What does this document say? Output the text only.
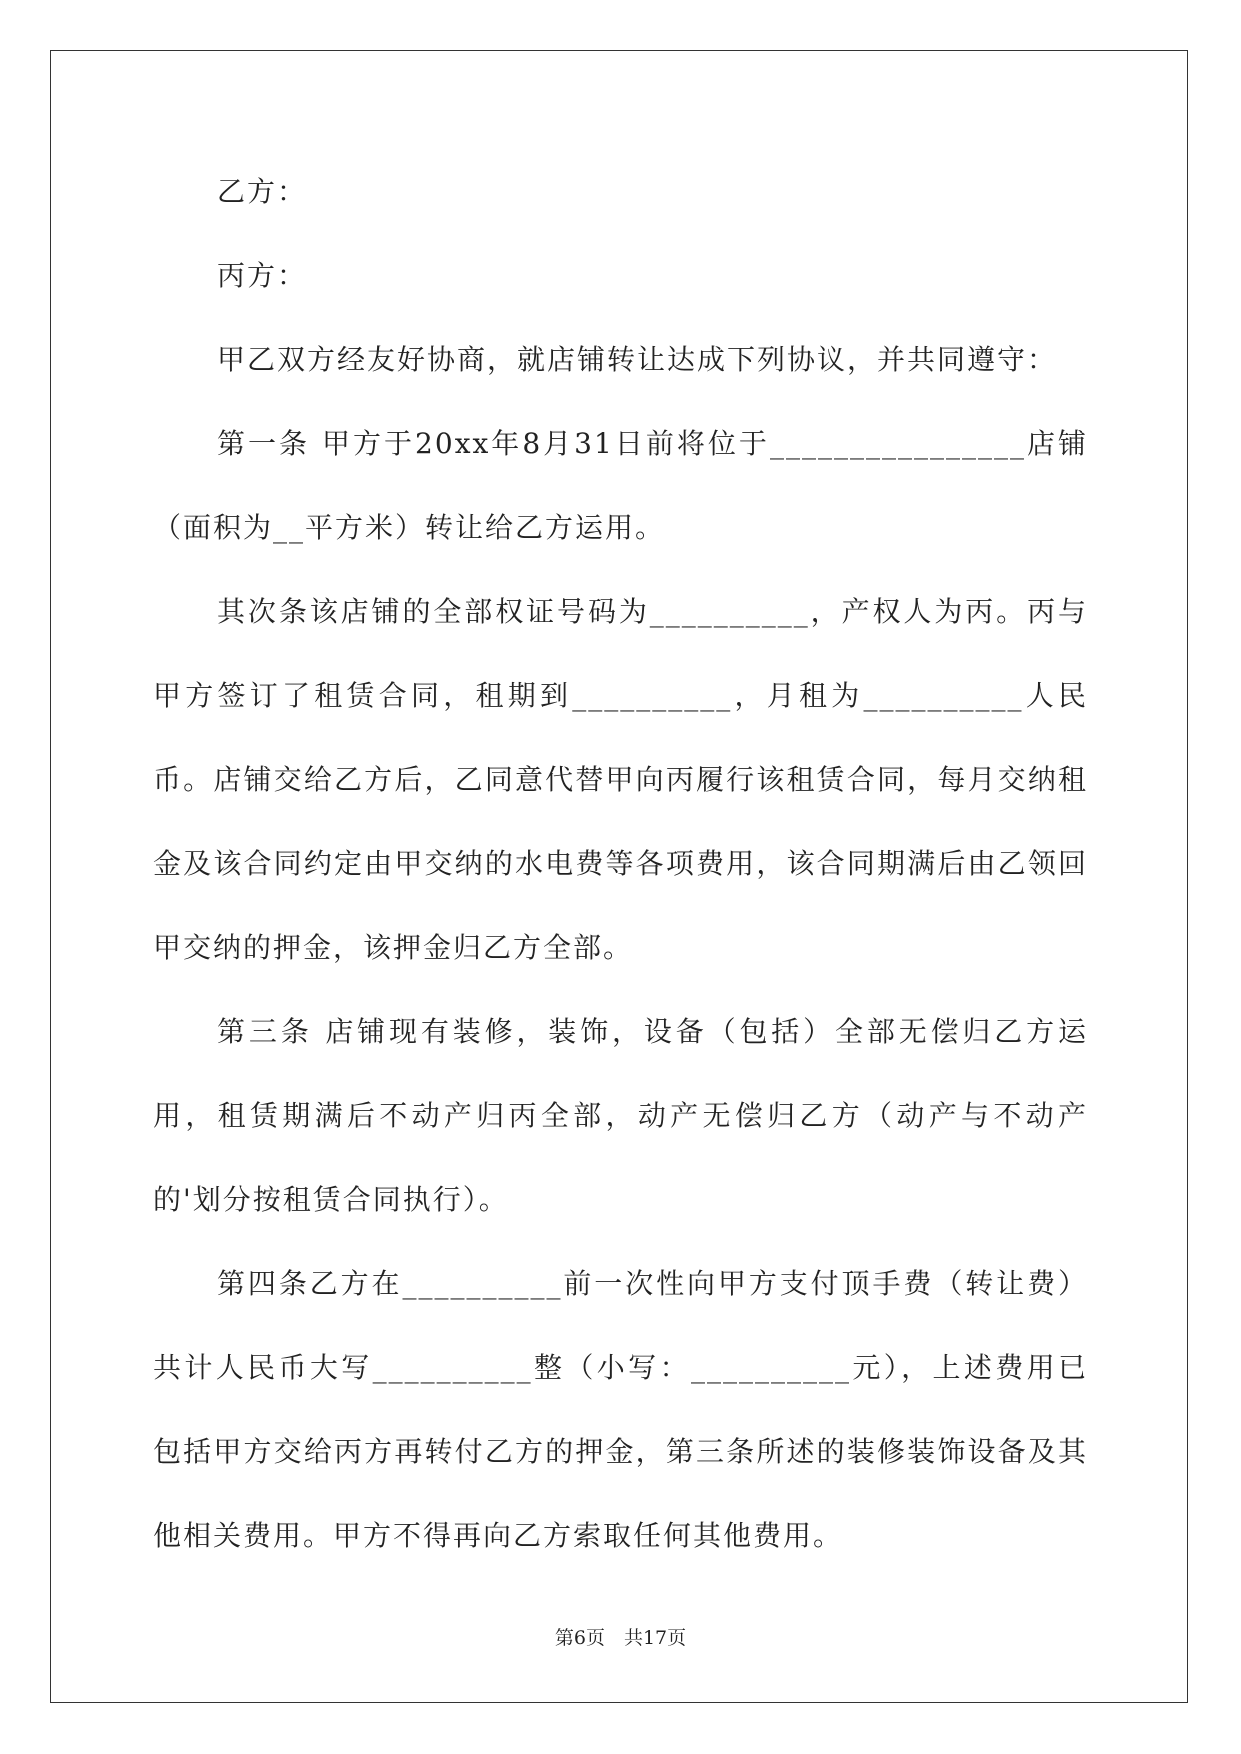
乙方：

丙方：

甲乙双方经友好协商，就店铺转让达成下列协议，并共同遵守：

第一条 甲方于20xx年8月31日前将位于________________店铺（面积为__平方米）转让给乙方运用。

其次条该店铺的全部权证号码为__________，产权人为丙。丙与甲方签订了租赁合同，租期到__________，月租为__________人民币。店铺交给乙方后，乙同意代替甲向丙履行该租赁合同，每月交纳租金及该合同约定由甲交纳的水电费等各项费用，该合同期满后由乙领回甲交纳的押金，该押金归乙方全部。

第三条 店铺现有装修，装饰，设备（包括）全部无偿归乙方运用，租赁期满后不动产归丙全部，动产无偿归乙方（动产与不动产的'划分按租赁合同执行）。

第四条乙方在__________前一次性向甲方支付顶手费（转让费）共计人民币大写__________整（小写：__________元），上述费用已包括甲方交给丙方再转付乙方的押金，第三条所述的装修装饰设备及其他相关费用。甲方不得再向乙方索取任何其他费用。

第6页　共17页
